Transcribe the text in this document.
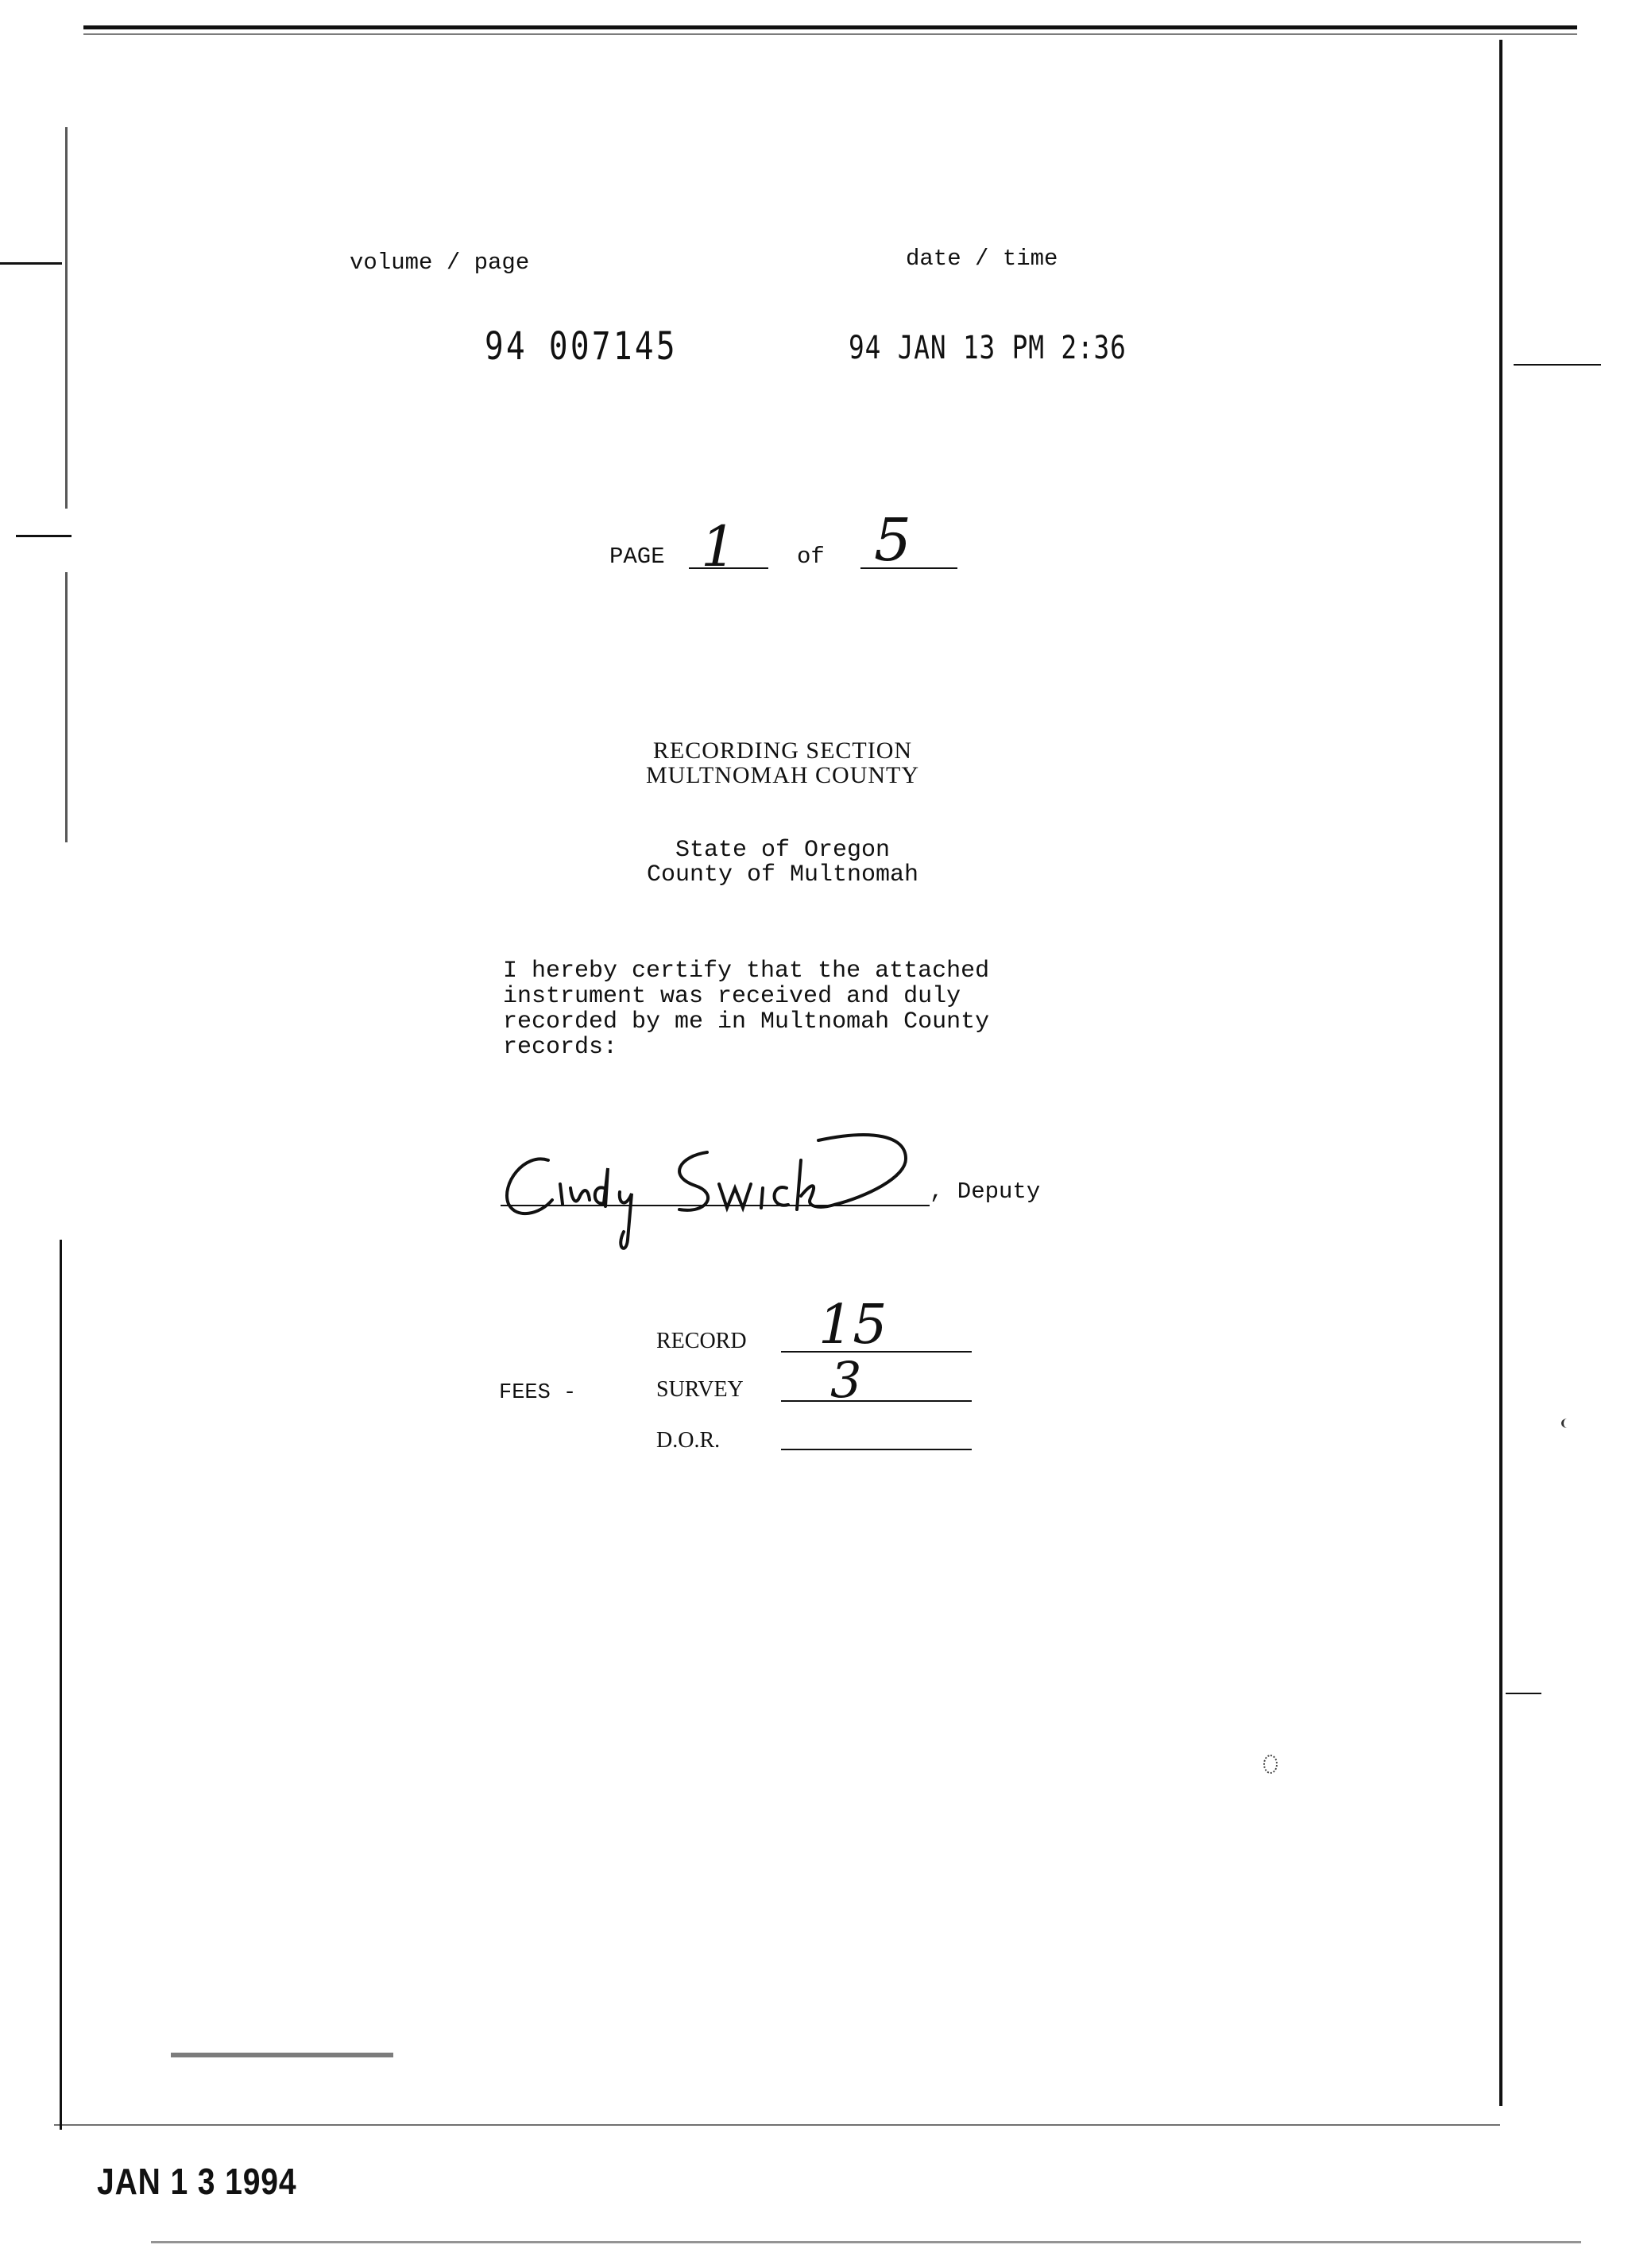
volume / page	date / time
94 007145	94 JAN 13 PM 2:36
PAGE 1	of 5
RECORDING SECTION
MULTNOMAH COUNTY
State of Oregon
County of Multnomah
I hereby certify that the attached
instrument was received and duly
recorded by me in Multnomah County
records:
, Deputy
FEES -
RECORD 15
SURVEY 3
D.O.R.
JAN 1 3 1994
